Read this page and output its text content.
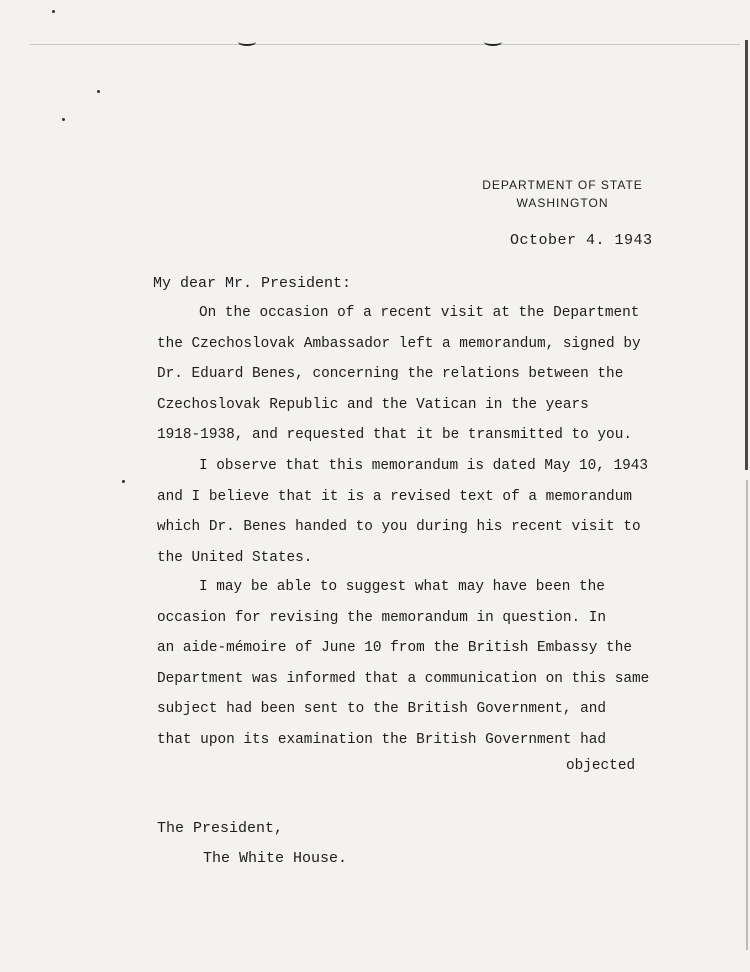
DEPARTMENT OF STATE
WASHINGTON
October 4. 1943
My dear Mr. President:
On the occasion of a recent visit at the Department
the Czechoslovak Ambassador left a memorandum, signed by
Dr. Eduard Benes, concerning the relations between the
Czechoslovak Republic and the Vatican in the years
1918-1938, and requested that it be transmitted to you.
I observe that this memorandum is dated May 10, 1943
and I believe that it is a revised text of a memorandum
which Dr. Benes handed to you during his recent visit to
the United States.
I may be able to suggest what may have been the
occasion for revising the memorandum in question. In
an aide-mémoire of June 10 from the British Embassy the
Department was informed that a communication on this same
subject had been sent to the British Government, and
that upon its examination the British Government had
objected
The President,
The White House.
